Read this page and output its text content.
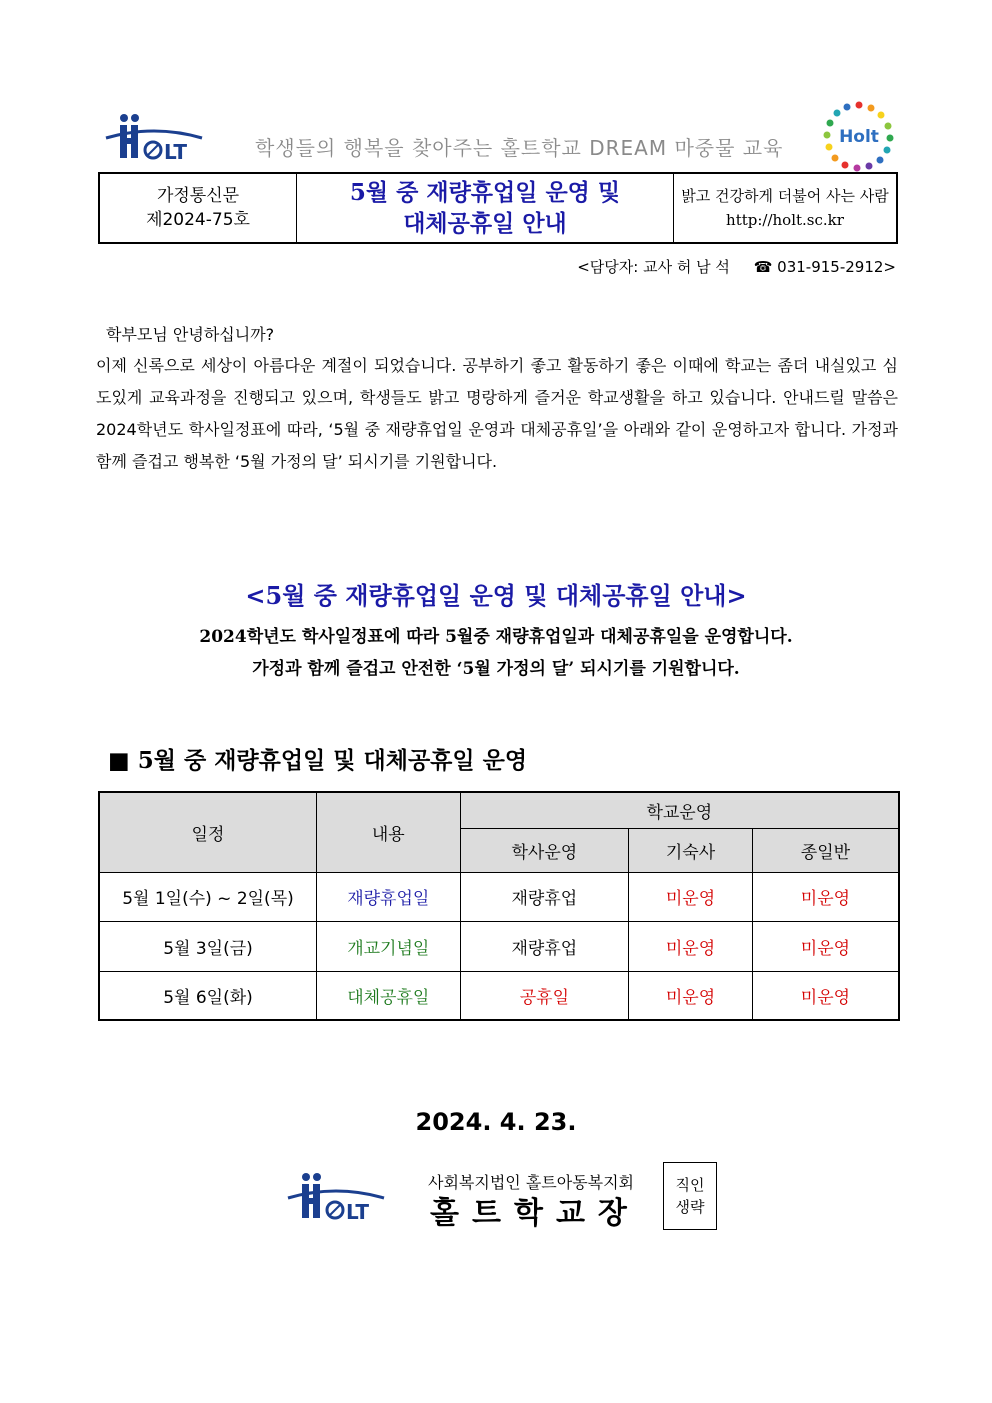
LT	학생들의 행복을 찾아주는 홀트학교 DREAM 마중물 교육	Holt
가정통신문
제2024-75호
5월 중 재량휴업일 운영 및
대체공휴일 안내
밝고 건강하게 더불어 사는 사람
http://holt.sc.kr
<담당자: 교사 허 남 석 ☎ 031-915-2912>
학부모님 안녕하십니까?
이제 신록으로 세상이 아름다운 계절이 되었습니다. 공부하기 좋고 활동하기 좋은 이때에 학교는 좀더 내실있고 심도있게 교육과정을 진행되고 있으며, 학생들도 밝고 명랑하게 즐거운 학교생활을 하고 있습니다. 안내드릴 말씀은 2024학년도 학사일정표에 따라, ‘5월 중 재량휴업일 운영과 대체공휴일’을 아래와 같이 운영하고자 합니다. 가정과 함께 즐겁고 행복한 ‘5월 가정의 달’ 되시기를 기원합니다.
<5월 중 재량휴업일 운영 및 대체공휴일 안내>
2024학년도 학사일정표에 따라 5월중 재량휴업일과 대체공휴일을 운영합니다.
가정과 함께 즐겁고 안전한 ‘5월 가정의 달’ 되시기를 기원합니다.
■ 5월 중 재량휴업일 및 대체공휴일 운영
일정	내용	학교운영		
		학사운영	기숙사	종일반
5월 1일(수) ~ 2일(목)	재량휴업일	재량휴업	미운영	미운영
5월 3일(금)	개교기념일	재량휴업	미운영	미운영
5월 6일(화)	대체공휴일	공휴일	미운영	미운영
2024. 4. 23.
LT
사회복지법인 홀트아동복지회
홀트학교장
직인
생략
